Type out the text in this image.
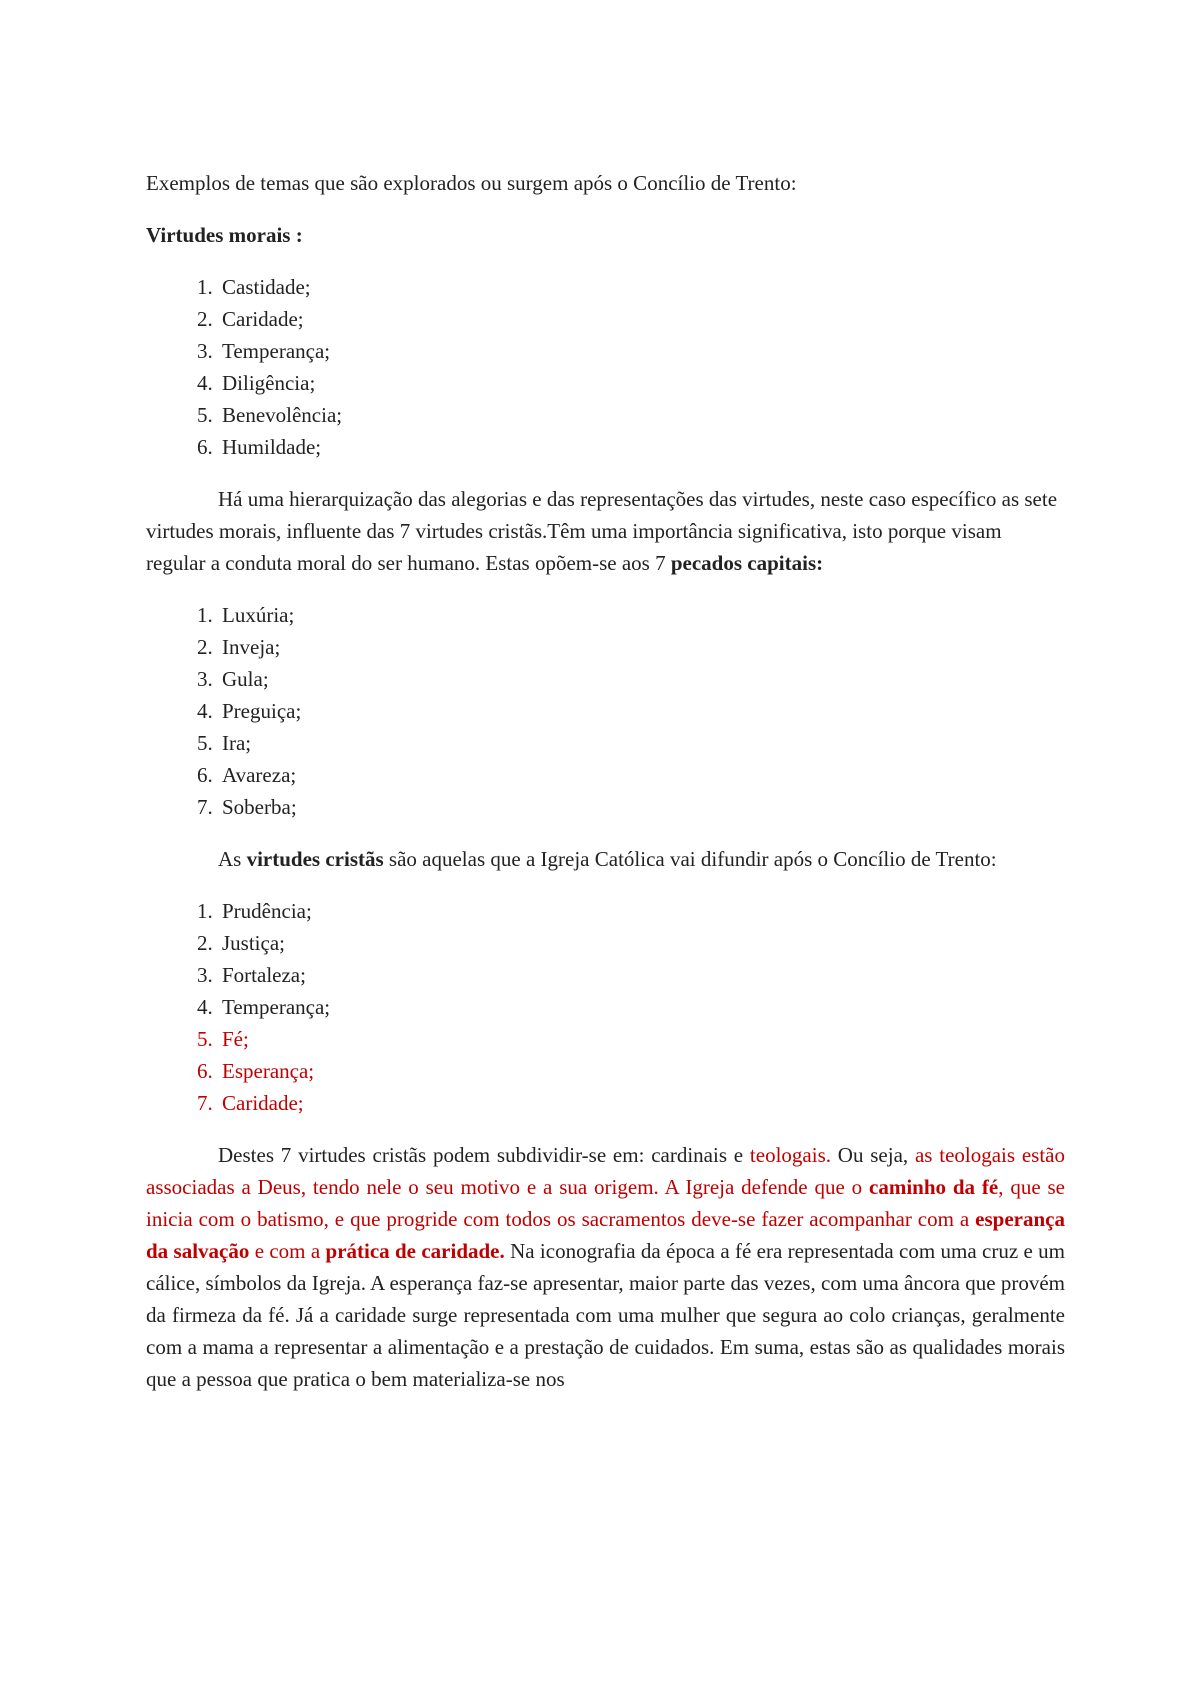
Exemplos de temas que são explorados ou surgem após o Concílio de Trento:

Virtudes morais :

1. Castidade;
2. Caridade;
3. Temperança;
4. Diligência;
5. Benevolência;
6. Humildade;

Há uma hierarquização das alegorias e das representações das virtudes, neste caso específico as sete virtudes morais, influente das 7 virtudes cristãs.Têm uma importância significativa, isto porque visam regular a conduta moral do ser humano. Estas opõem-se aos 7 pecados capitais:

1. Luxúria;
2. Inveja;
3. Gula;
4. Preguiça;
5. Ira;
6. Avareza;
7. Soberba;

As virtudes cristãs são aquelas que a Igreja Católica vai difundir após o Concílio de Trento:

1. Prudência;
2. Justiça;
3. Fortaleza;
4. Temperança;
5. Fé;
6. Esperança;
7. Caridade;

Destes 7 virtudes cristãs podem subdividir-se em: cardinais e teologais. Ou seja, as teologais estão associadas a Deus, tendo nele o seu motivo e a sua origem. A Igreja defende que o caminho da fé, que se inicia com o batismo, e que progride com todos os sacramentos deve-se fazer acompanhar com a esperança da salvação e com a prática de caridade. Na iconografia da época a fé era representada com uma cruz e um cálice, símbolos da Igreja. A esperança faz-se apresentar, maior parte das vezes, com uma âncora que provém da firmeza da fé. Já a caridade surge representada com uma mulher que segura ao colo crianças, geralmente com a mama a representar a alimentação e a prestação de cuidados. Em suma, estas são as qualidades morais que a pessoa que pratica o bem materializa-se nos
